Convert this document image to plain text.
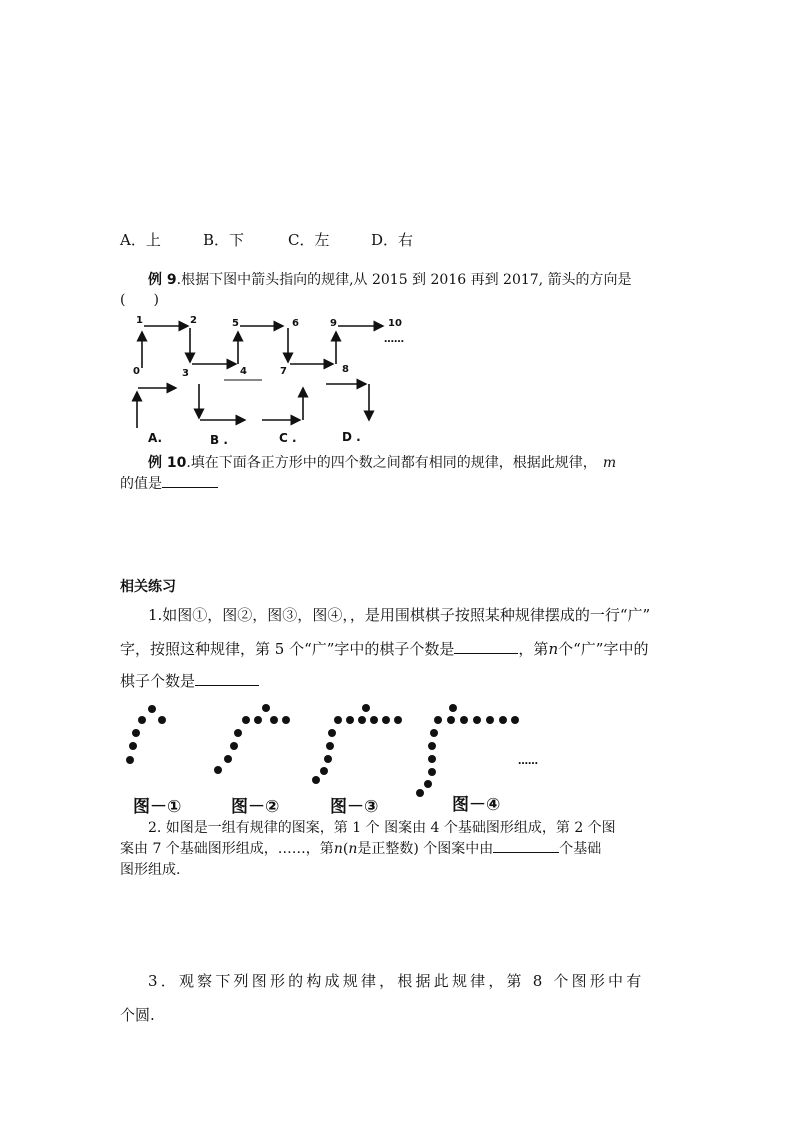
A．上	B．下	C．左	D．右
例 9.根据下图中箭头指向的规律,从 2015 到 2016 再到 2017, 箭头的方向是
(　　)
0
1	2
3	4
5	6
7	8
9	10
……
A.	B .	C .	D .
例 10.填在下面各正方形中的四个数之间都有相同的规律，根据此规律， m
的值是
相关练习
1.如图①，图②，图③，图④，，是用围棋棋子按照某种规律摆成的一行“广”
字，按照这种规律，第 5 个“广”字中的棋子个数是	，第n个“广”字中的
棋子个数是
……
图－①	图－②	图－③	图－④
2. 如图是一组有规律的图案，第 1 个 图案由 4 个基础图形组成，第 2 个图
案由 7 个基础图形组成，……，第n(n是正整数) 个图案中由	个基础
图形组成.
3．观察下列图形的构成规律，根据此规律，第 8 个图形中有
个圆.
